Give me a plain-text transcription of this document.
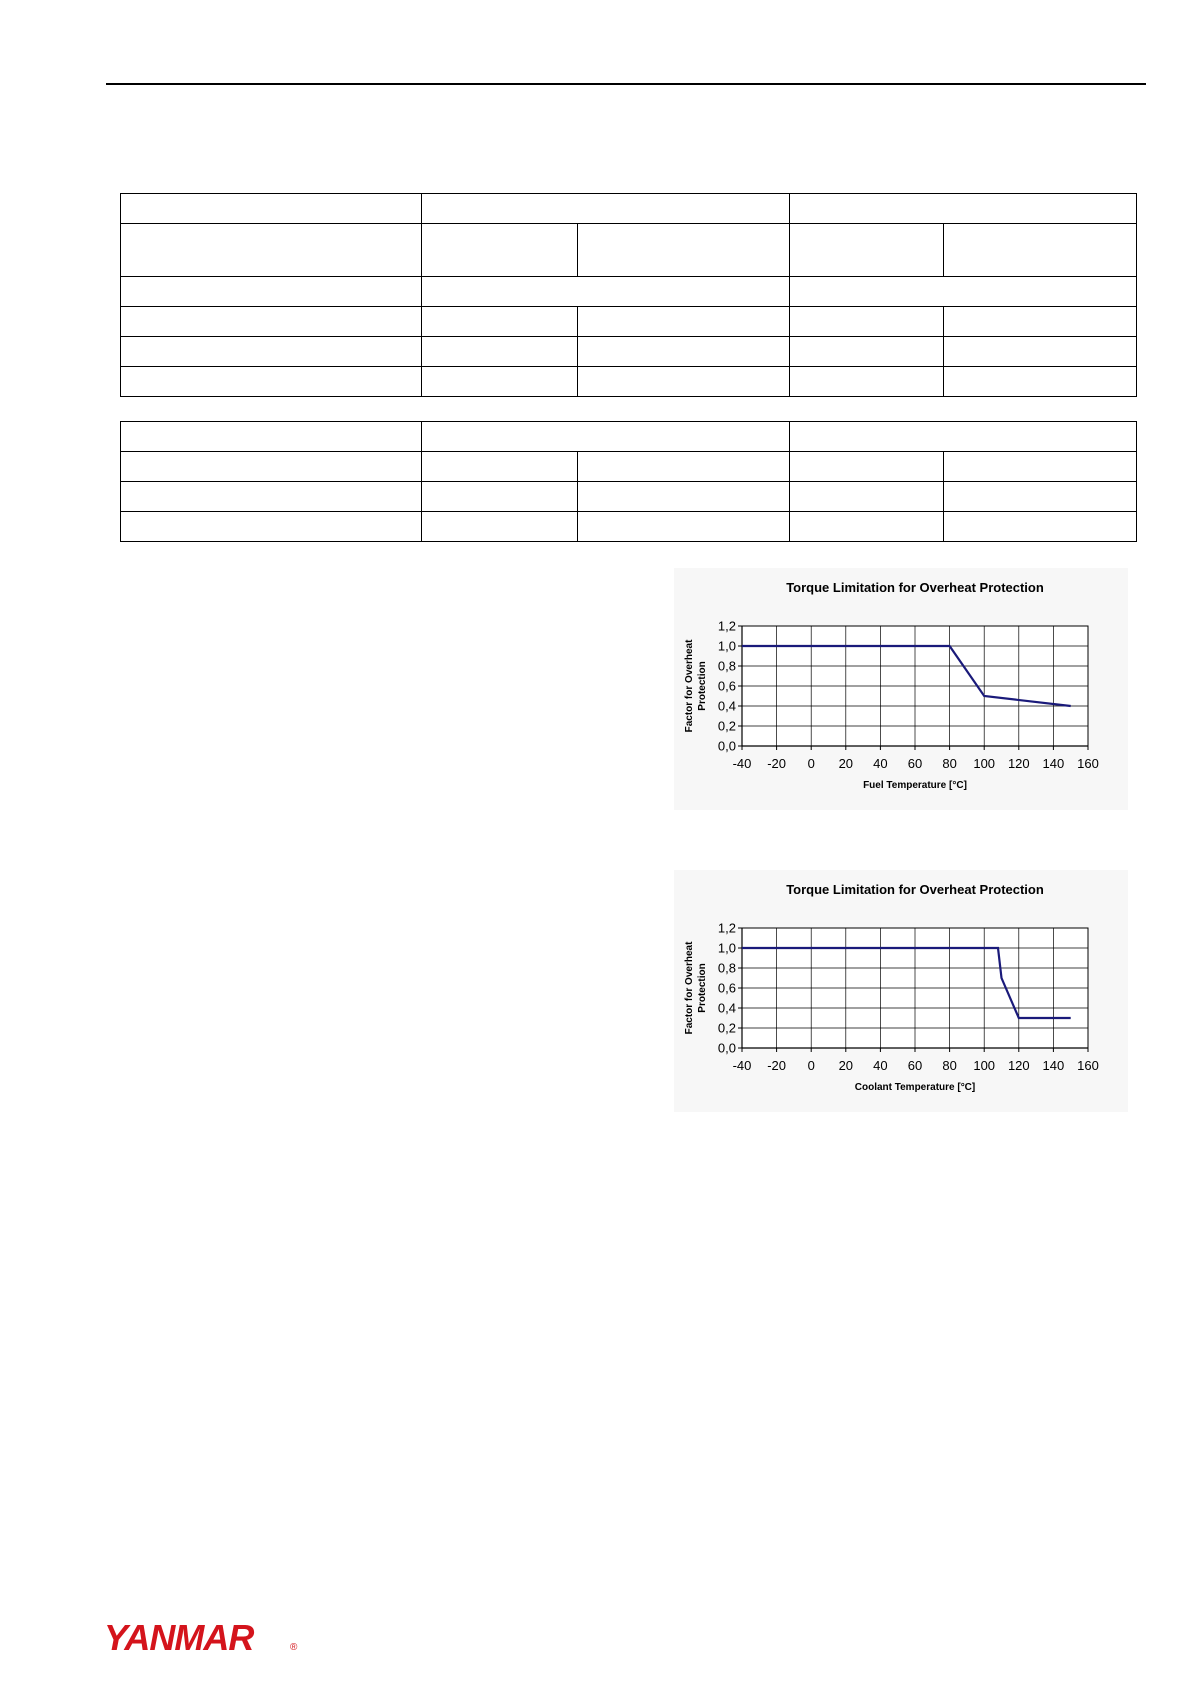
Torque Limitation for Overheat Protection
-40 -20 0 20 40 60 80 100 120 140 160
0,0
0,2
0,4
0,6
0,8
1,0
1,2
Fuel Temperature [°C]
Factor for Overheat Protection
Torque Limitation for Overheat Protection
-40 -20 0 20 40 60 80 100 120 140 160
0,0
0,2
0,4
0,6
0,8
1,0
1,2
Coolant Temperature [°C]
Factor for Overheat Protection
YANMAR	®
